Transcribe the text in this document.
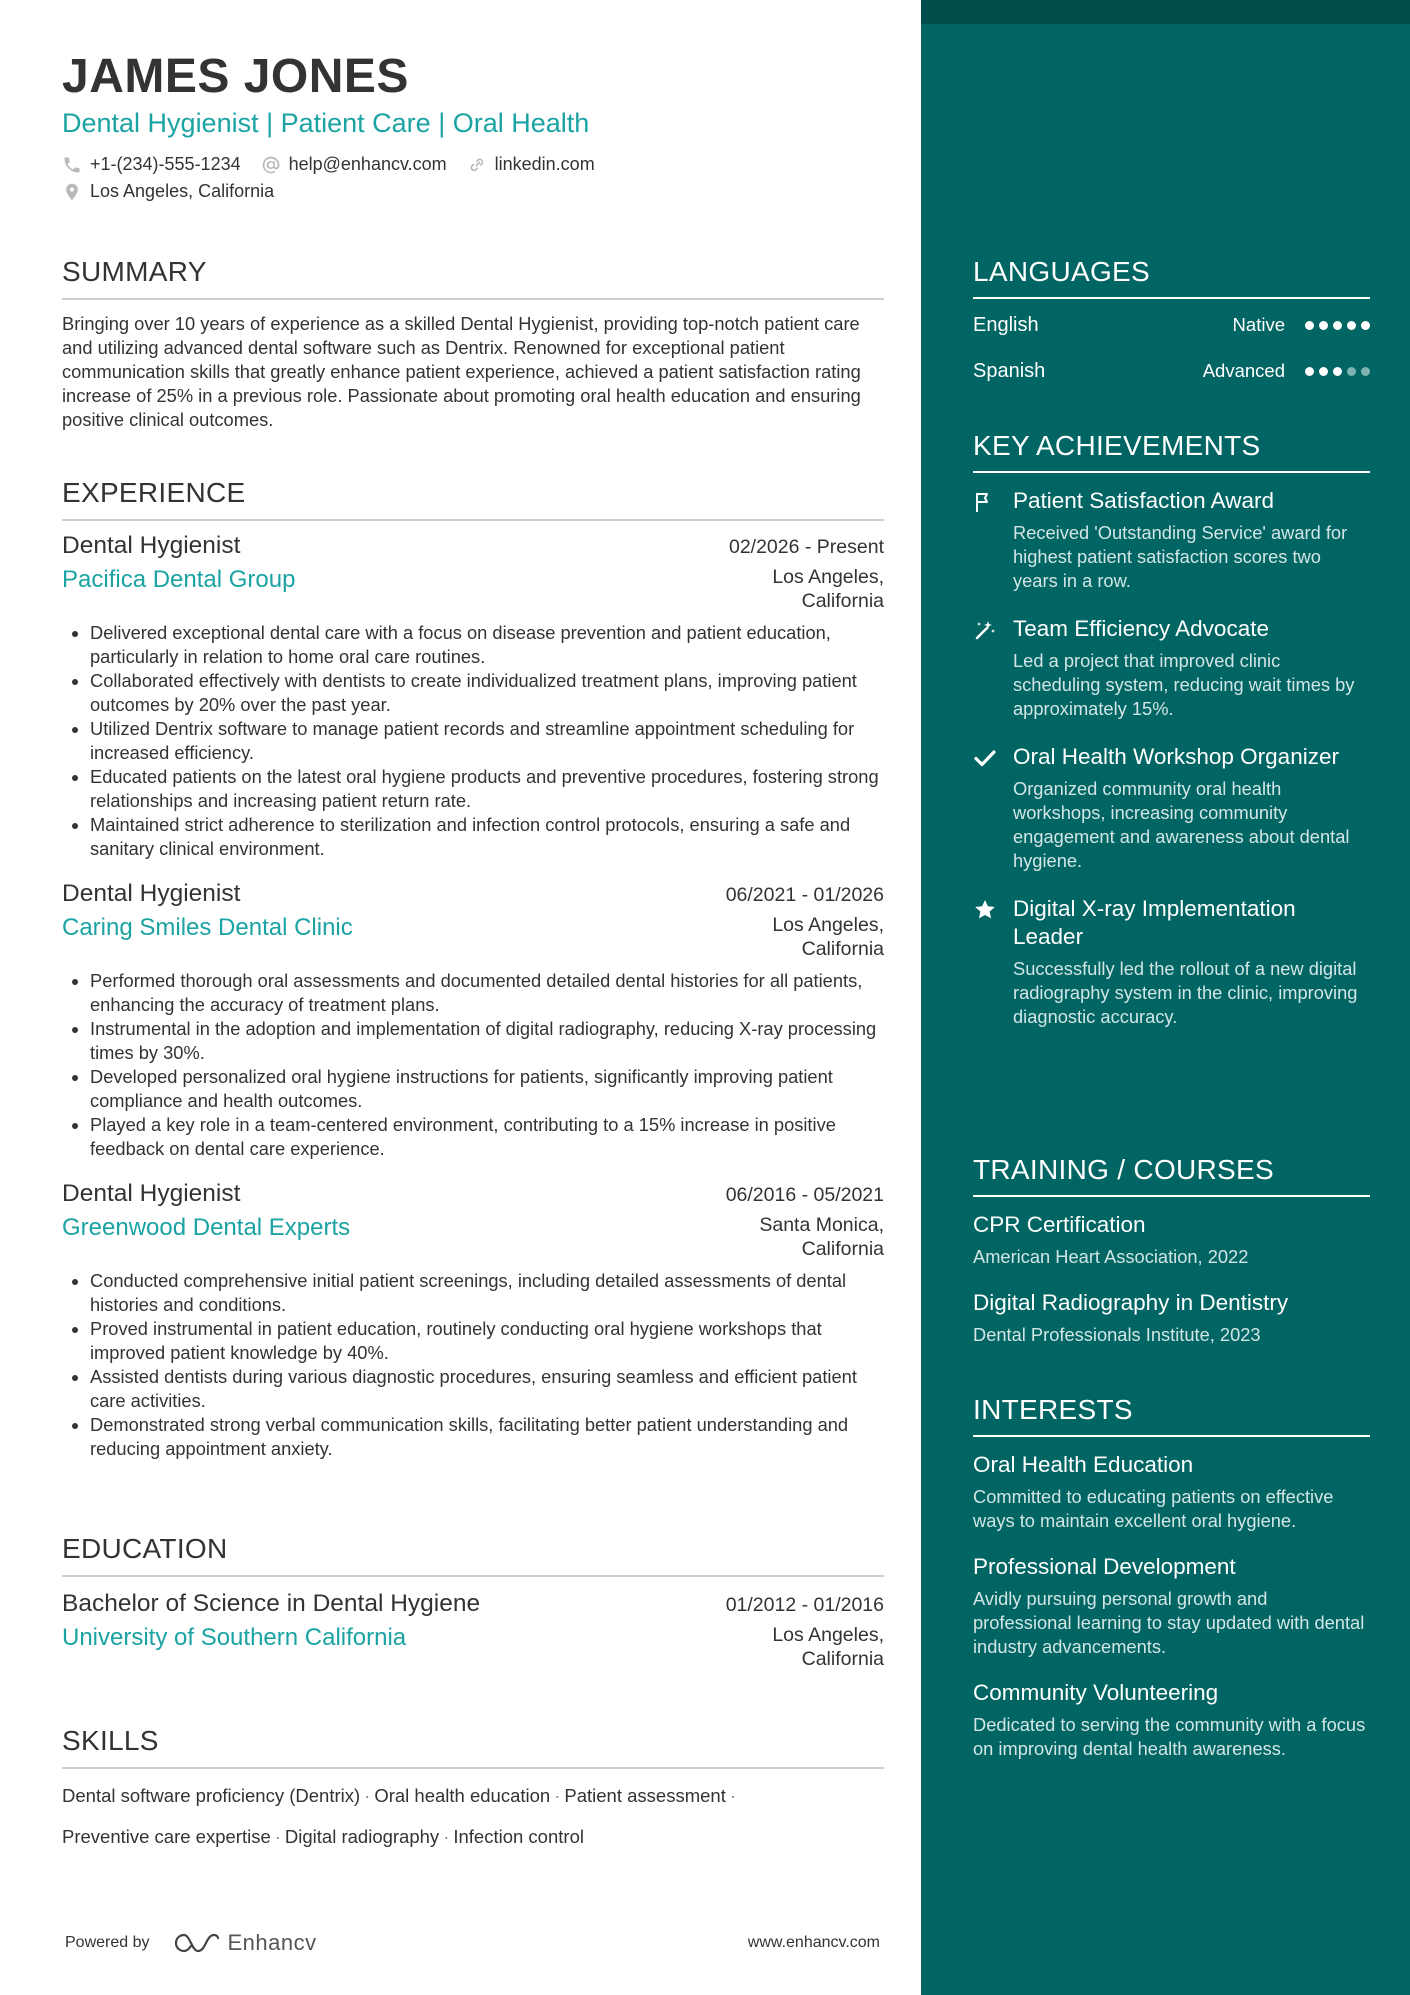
JAMES JONES
Dental Hygienist | Patient Care | Oral Health
+1-(234)-555-1234	help@enhancv.com	linkedin.com
Los Angeles, California
SUMMARY
Bringing over 10 years of experience as a skilled Dental Hygienist, providing top-notch patient care and utilizing advanced dental software such as Dentrix. Renowned for exceptional patient communication skills that greatly enhance patient experience, achieved a patient satisfaction rating increase of 25% in a previous role. Passionate about promoting oral health education and ensuring positive clinical outcomes.
EXPERIENCE
Dental Hygienist	02/2026 - Present
Pacifica Dental Group	Los Angeles,
California
• Delivered exceptional dental care with a focus on disease prevention and patient education, particularly in relation to home oral care routines.
• Collaborated effectively with dentists to create individualized treatment plans, improving patient outcomes by 20% over the past year.
• Utilized Dentrix software to manage patient records and streamline appointment scheduling for increased efficiency.
• Educated patients on the latest oral hygiene products and preventive procedures, fostering strong relationships and increasing patient return rate.
• Maintained strict adherence to sterilization and infection control protocols, ensuring a safe and sanitary clinical environment.
Dental Hygienist	06/2021 - 01/2026
Caring Smiles Dental Clinic	Los Angeles,
California
• Performed thorough oral assessments and documented detailed dental histories for all patients, enhancing the accuracy of treatment plans.
• Instrumental in the adoption and implementation of digital radiography, reducing X-ray processing times by 30%.
• Developed personalized oral hygiene instructions for patients, significantly improving patient compliance and health outcomes.
• Played a key role in a team-centered environment, contributing to a 15% increase in positive feedback on dental care experience.
Dental Hygienist	06/2016 - 05/2021
Greenwood Dental Experts	Santa Monica,
California
• Conducted comprehensive initial patient screenings, including detailed assessments of dental histories and conditions.
• Proved instrumental in patient education, routinely conducting oral hygiene workshops that improved patient knowledge by 40%.
• Assisted dentists during various diagnostic procedures, ensuring seamless and efficient patient care activities.
• Demonstrated strong verbal communication skills, facilitating better patient understanding and reducing appointment anxiety.
EDUCATION
Bachelor of Science in Dental Hygiene	01/2012 - 01/2016
University of Southern California	Los Angeles,
California
SKILLS
Dental software proficiency (Dentrix) · Oral health education · Patient assessment ·
Preventive care expertise · Digital radiography · Infection control
Powered by	Enhancv	www.enhancv.com
LANGUAGES
English	Native
Spanish	Advanced
KEY ACHIEVEMENTS
Patient Satisfaction Award
Received 'Outstanding Service' award for highest patient satisfaction scores two years in a row.
Team Efficiency Advocate
Led a project that improved clinic scheduling system, reducing wait times by approximately 15%.
Oral Health Workshop Organizer
Organized community oral health workshops, increasing community engagement and awareness about dental hygiene.
Digital X-ray Implementation Leader
Successfully led the rollout of a new digital radiography system in the clinic, improving diagnostic accuracy.
TRAINING / COURSES
CPR Certification
American Heart Association, 2022
Digital Radiography in Dentistry
Dental Professionals Institute, 2023
INTERESTS
Oral Health Education
Committed to educating patients on effective ways to maintain excellent oral hygiene.
Professional Development
Avidly pursuing personal growth and professional learning to stay updated with dental industry advancements.
Community Volunteering
Dedicated to serving the community with a focus on improving dental health awareness.
